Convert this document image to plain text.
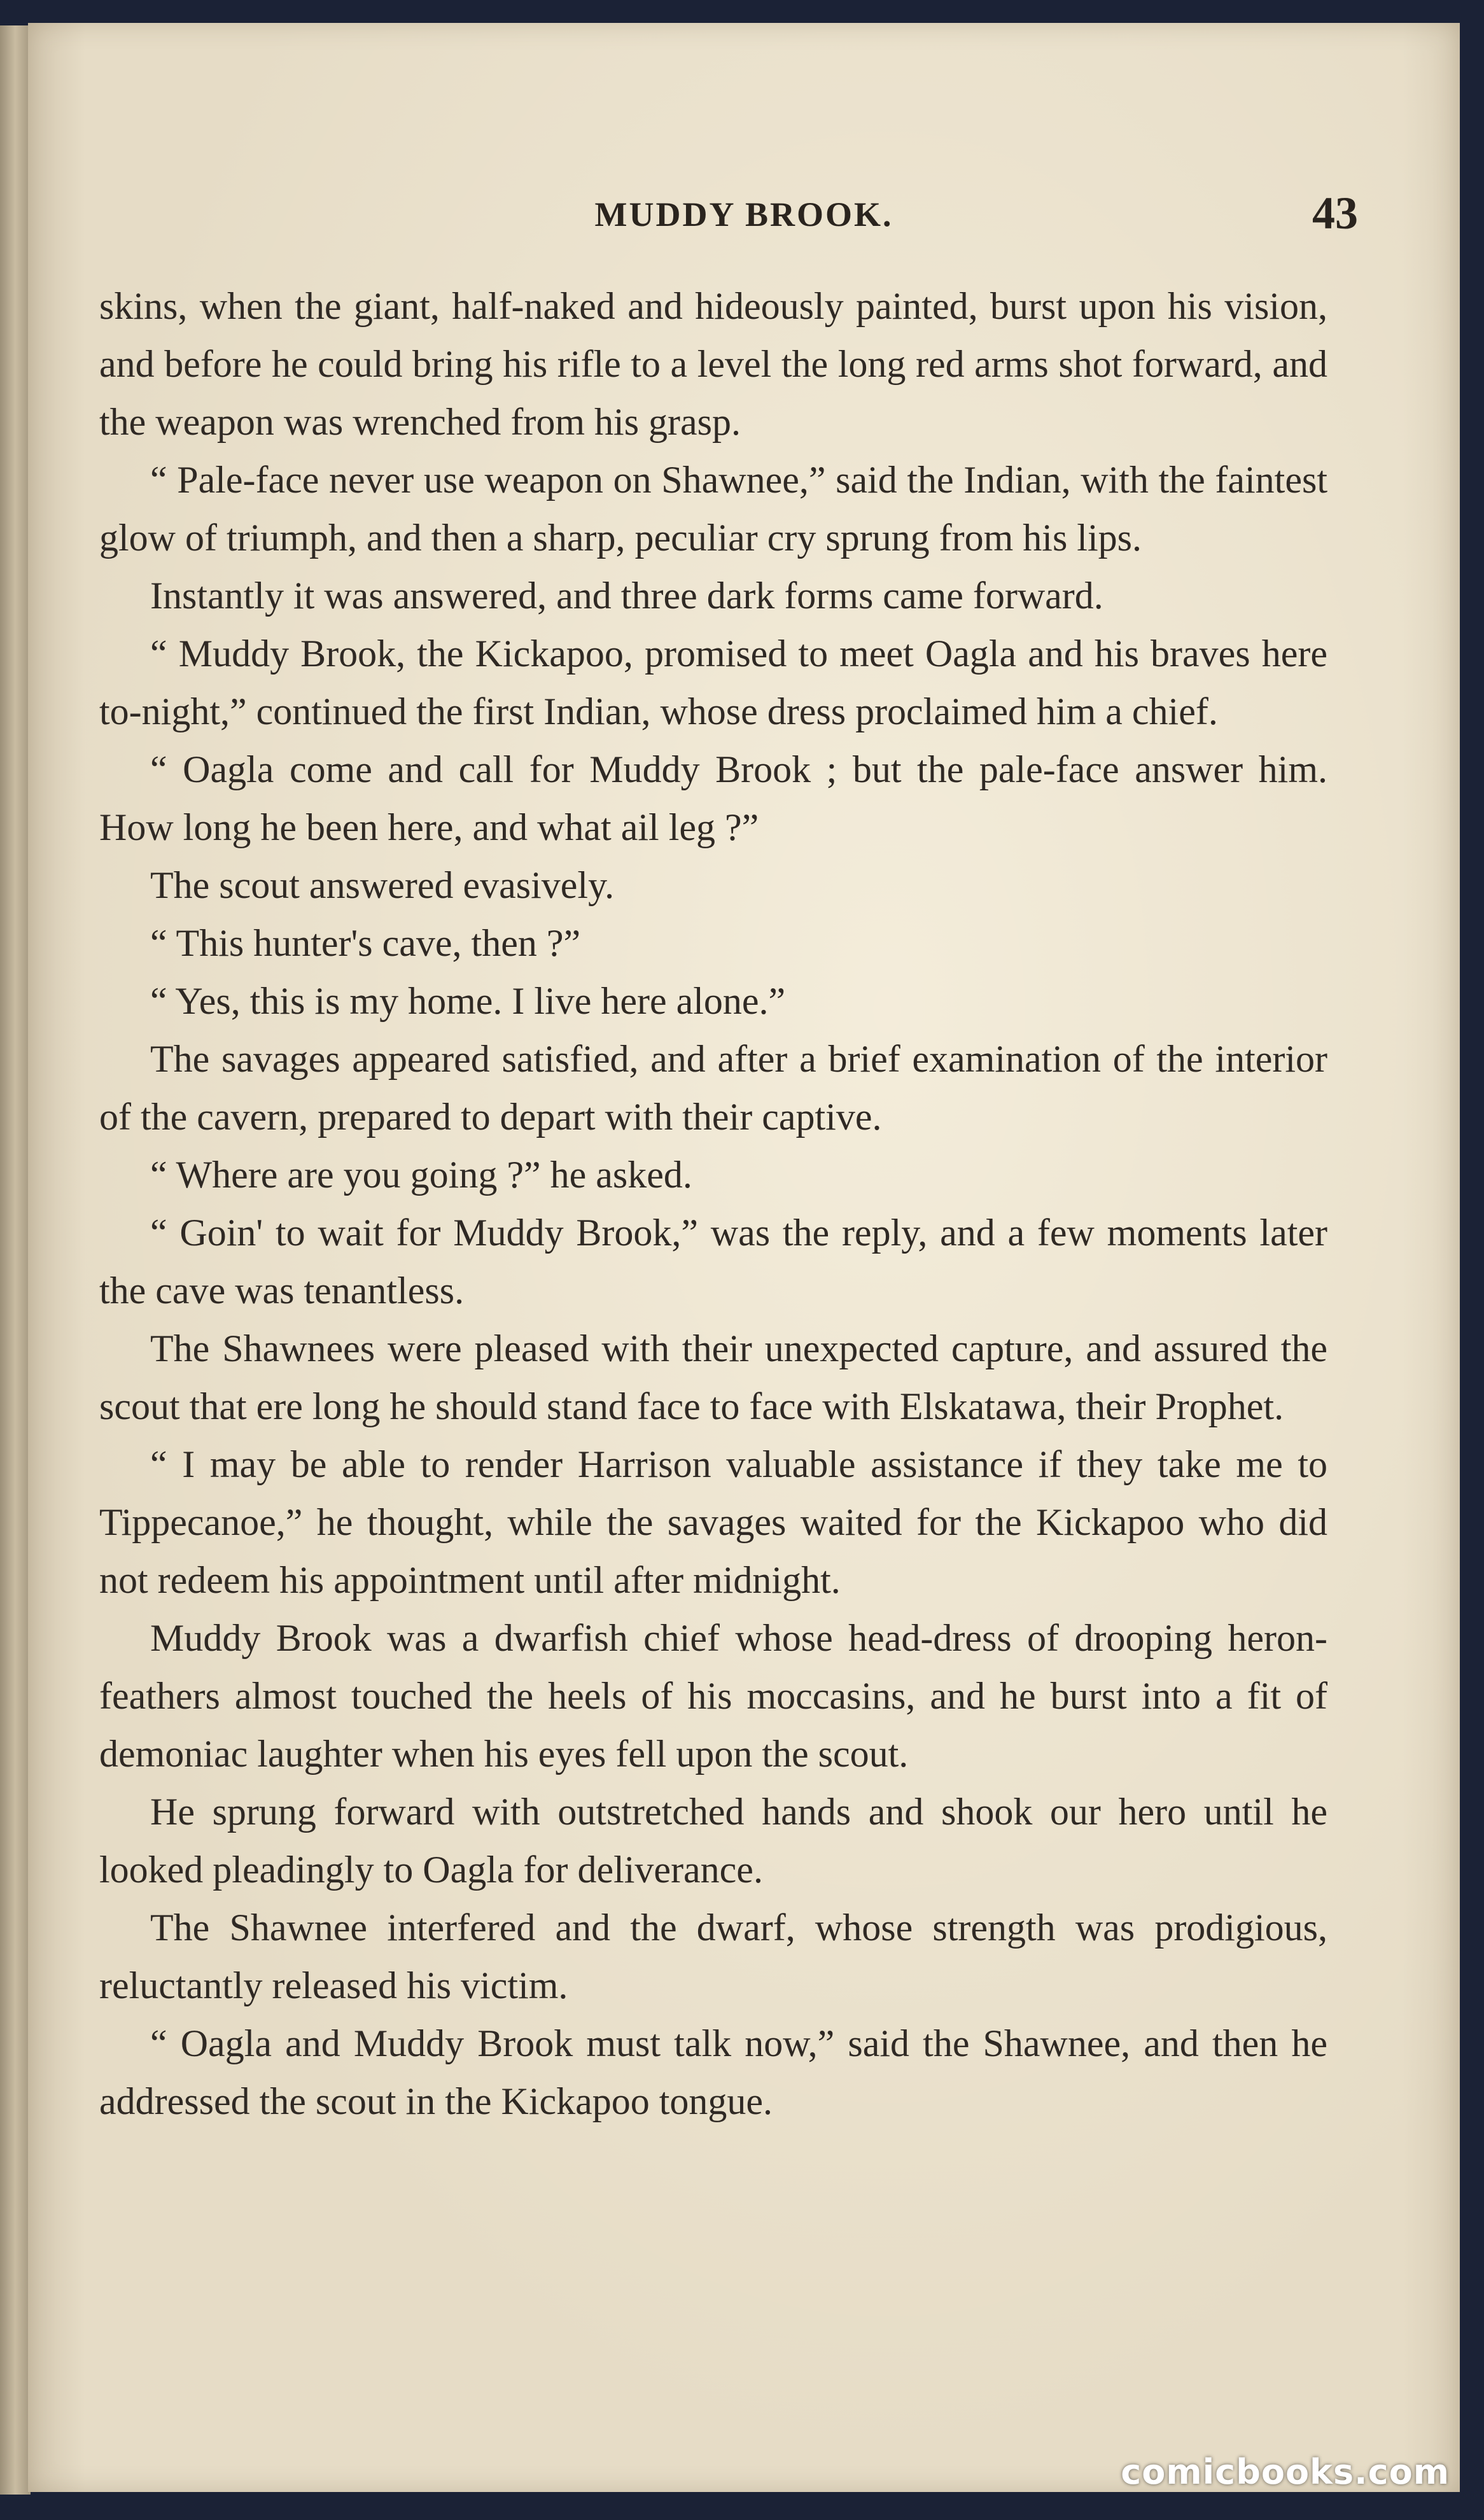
MUDDY BROOK.	43

skins, when the giant, half-naked and hideously painted, burst upon his vision, and before he could bring his rifle to a level the long red arms shot forward, and the weapon was wrenched from his grasp.

“ Pale-face never use weapon on Shawnee,” said the Indian, with the faintest glow of triumph, and then a sharp, peculiar cry sprung from his lips.

Instantly it was answered, and three dark forms came forward.

“ Muddy Brook, the Kickapoo, promised to meet Oagla and his braves here to-night,” continued the first Indian, whose dress proclaimed him a chief.

“ Oagla come and call for Muddy Brook ; but the pale-face answer him. How long he been here, and what ail leg ?”

The scout answered evasively.

“ This hunter's cave, then ?”

“ Yes, this is my home. I live here alone.”

The savages appeared satisfied, and after a brief examination of the interior of the cavern, prepared to depart with their captive.

“ Where are you going ?” he asked.

“ Goin' to wait for Muddy Brook,” was the reply, and a few moments later the cave was tenantless.

The Shawnees were pleased with their unexpected capture, and assured the scout that ere long he should stand face to face with Elskatawa, their Prophet.

“ I may be able to render Harrison valuable assistance if they take me to Tippecanoe,” he thought, while the savages waited for the Kickapoo who did not redeem his appointment until after midnight.

Muddy Brook was a dwarfish chief whose head-dress of drooping heron-feathers almost touched the heels of his moccasins, and he burst into a fit of demoniac laughter when his eyes fell upon the scout.

He sprung forward with outstretched hands and shook our hero until he looked pleadingly to Oagla for deliverance.

The Shawnee interfered and the dwarf, whose strength was prodigious, reluctantly released his victim.

“ Oagla and Muddy Brook must talk now,” said the Shawnee, and then he addressed the scout in the Kickapoo tongue.

comicbooks.com
